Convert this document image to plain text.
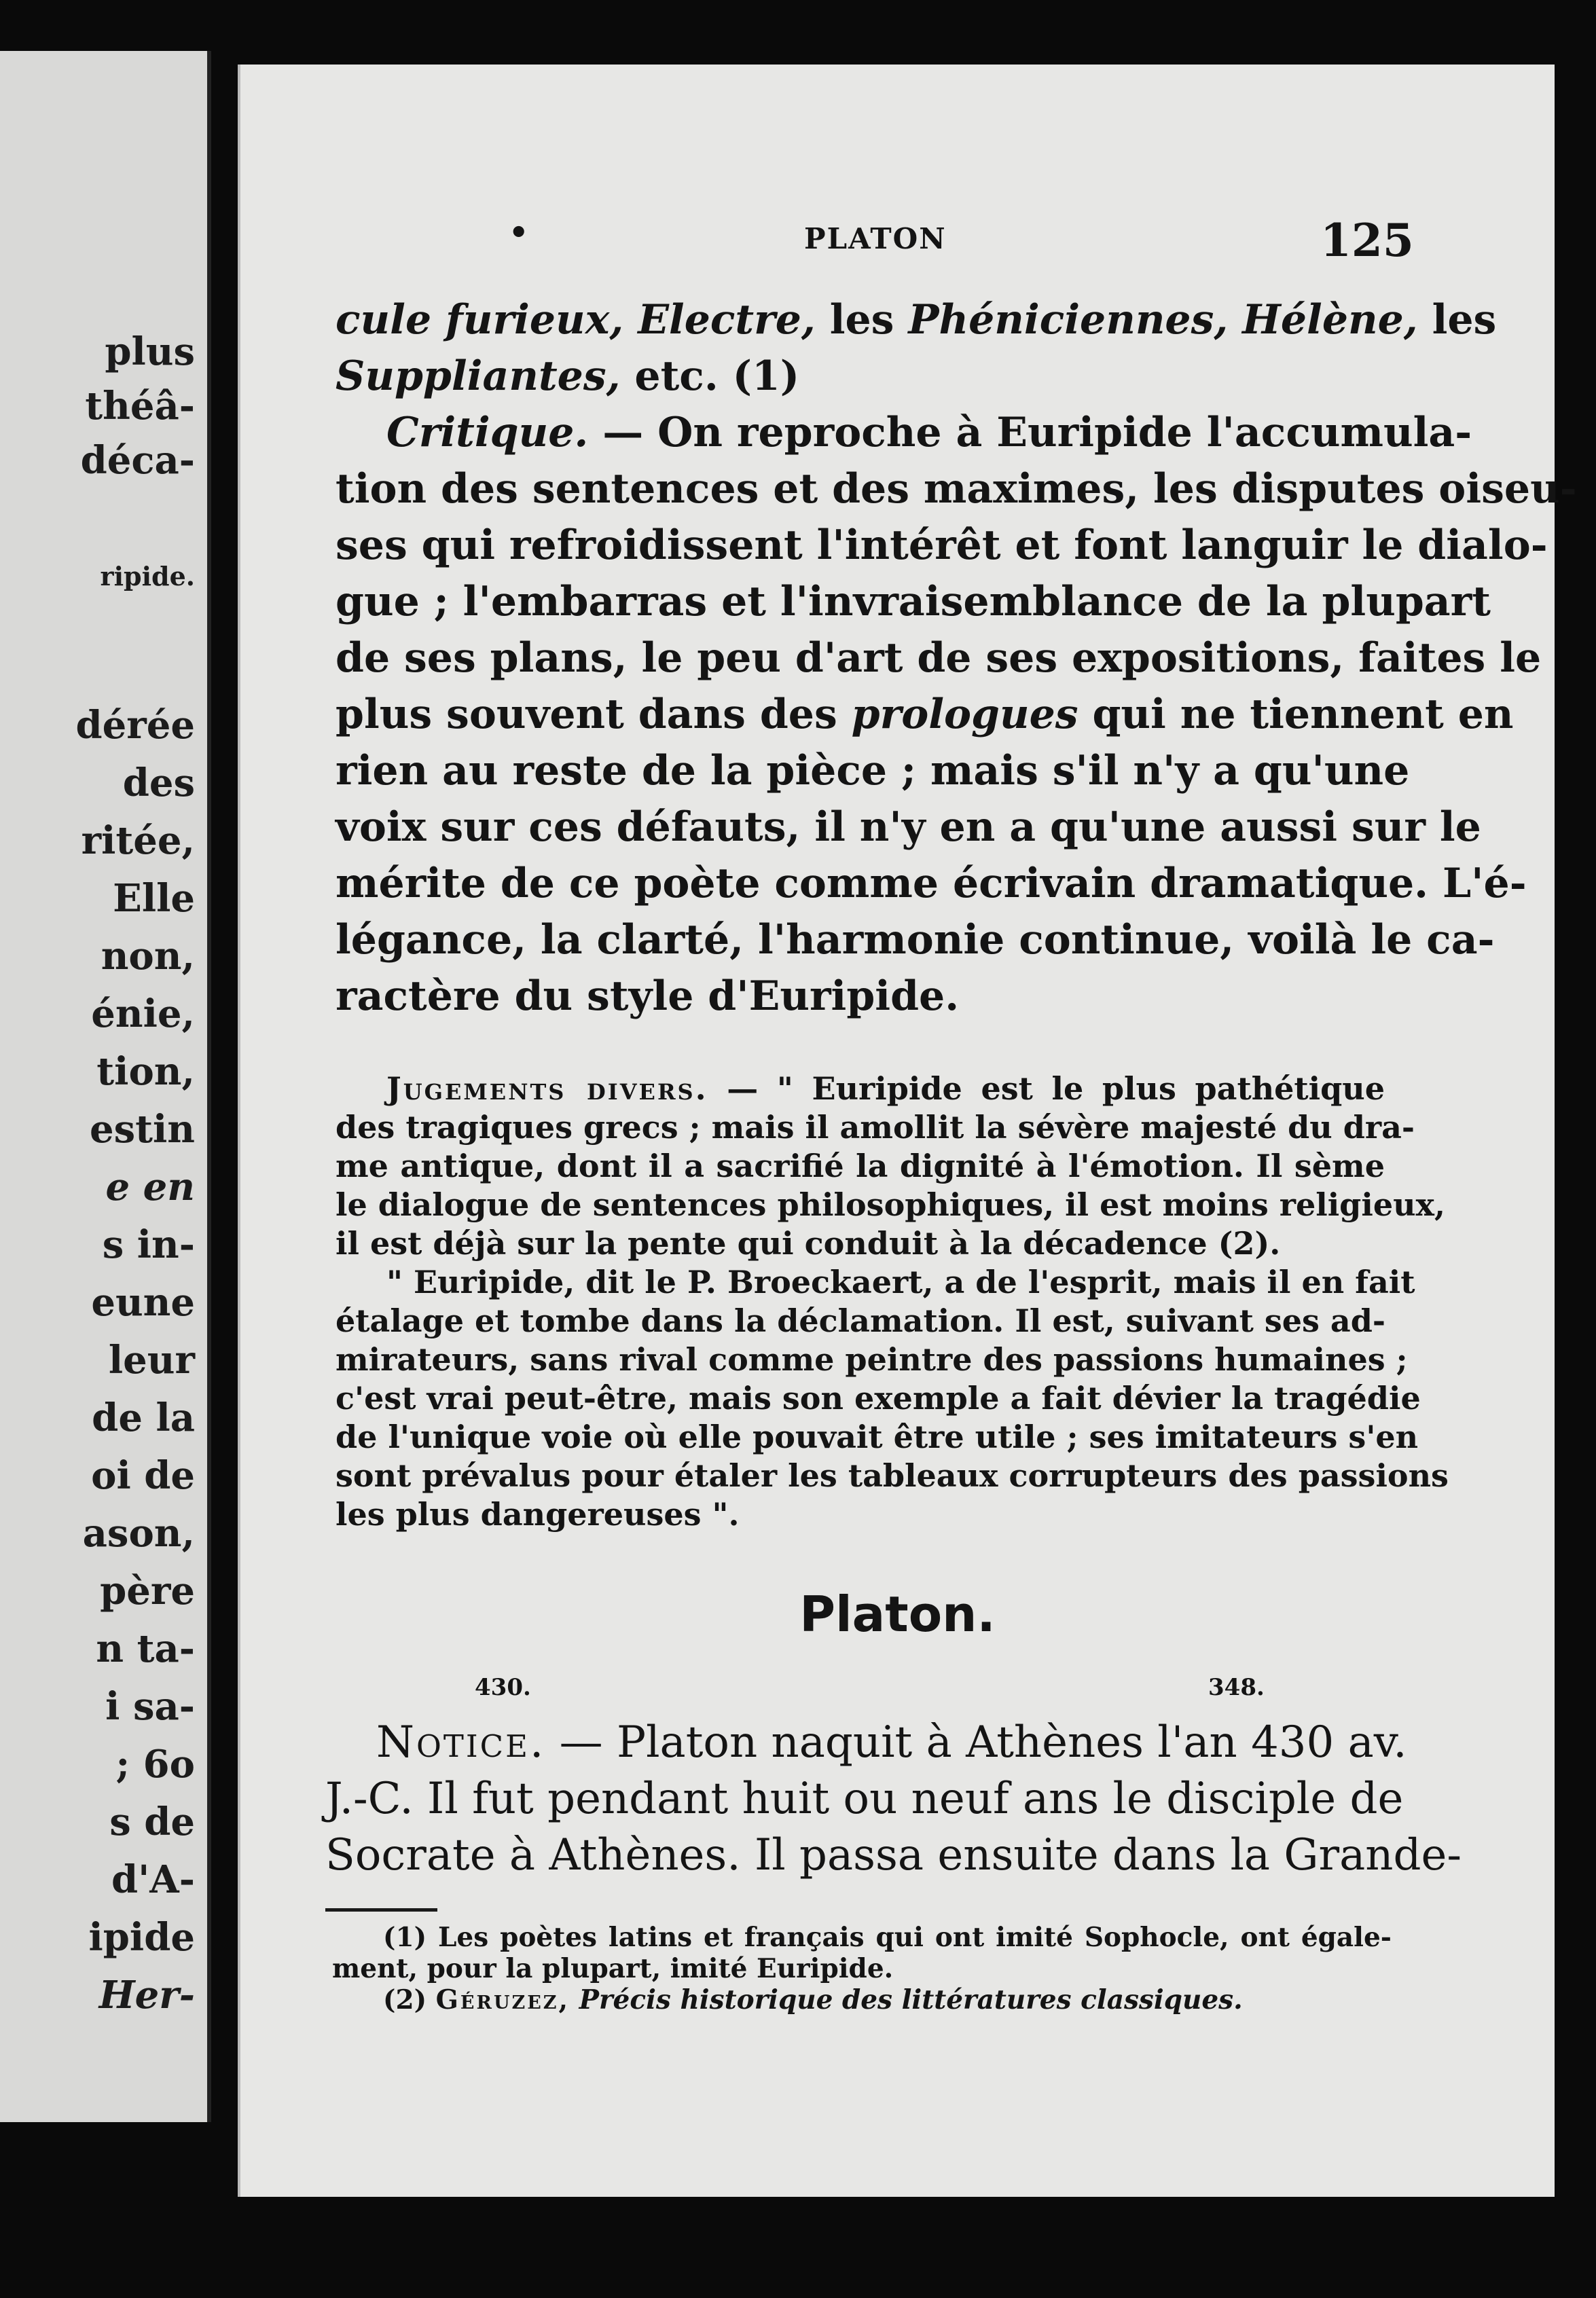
plus
théâ-
déca-
ripide.
dérée
des
ritée,
Elle
non,
énie,
tion,
estin
e en
s in-
eune
leur
de la
oi de
ason,
père
n ta-
i sa-
; 6o
s de
d'A-
ipide
Her-
•	PLATON	125
cule furieux, Electre, les Phéniciennes, Hélène, les
Suppliantes, etc. (1)
Critique. — On reproche à Euripide l'accumula-
tion des sentences et des maximes, les disputes oiseu-
ses qui refroidissent l'intérêt et font languir le dialo-
gue ; l'embarras et l'invraisemblance de la plupart
de ses plans, le peu d'art de ses expositions, faites le
plus souvent dans des prologues qui ne tiennent en
rien au reste de la pièce ; mais s'il n'y a qu'une
voix sur ces défauts, il n'y en a qu'une aussi sur le
mérite de ce poète comme écrivain dramatique. L'é-
légance, la clarté, l'harmonie continue, voilà le ca-
ractère du style d'Euripide.
Jugements divers. — " Euripide est le plus pathétique
des tragiques grecs ; mais il amollit la sévère majesté du dra-
me antique, dont il a sacrifié la dignité à l'émotion. Il sème
le dialogue de sentences philosophiques, il est moins religieux,
il est déjà sur la pente qui conduit à la décadence (2).
" Euripide, dit le P. Broeckaert, a de l'esprit, mais il en fait
étalage et tombe dans la déclamation. Il est, suivant ses ad-
mirateurs, sans rival comme peintre des passions humaines ;
c'est vrai peut-être, mais son exemple a fait dévier la tragédie
de l'unique voie où elle pouvait être utile ; ses imitateurs s'en
sont prévalus pour étaler les tableaux corrupteurs des passions
les plus dangereuses ".
Platon.
430.	348.
Notice. — Platon naquit à Athènes l'an 430 av.
J.-C. Il fut pendant huit ou neuf ans le disciple de
Socrate à Athènes. Il passa ensuite dans la Grande-
(1) Les poètes latins et français qui ont imité Sophocle, ont égale-
ment, pour la plupart, imité Euripide.
(2) Géruzez, Précis historique des littératures classiques.
